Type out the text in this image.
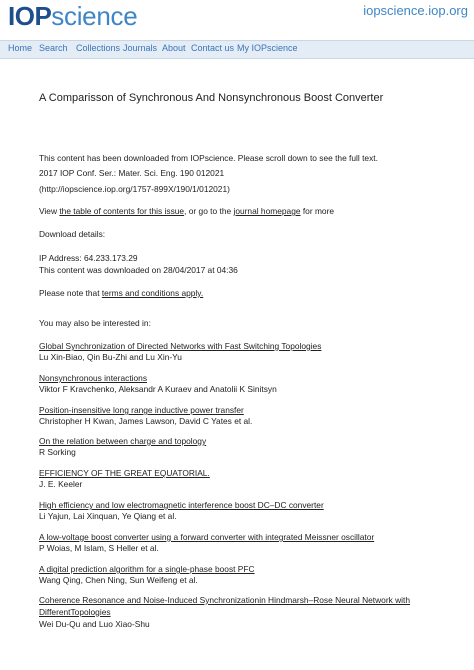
IOP science	iopscience.iop.org
Home Search Collections Journals About Contact us My IOPscience
A Comparisson of Synchronous And Nonsynchronous Boost Converter
This content has been downloaded from IOPscience. Please scroll down to see the full text.
2017 IOP Conf. Ser.: Mater. Sci. Eng. 190 012021
(http://iopscience.iop.org/1757-899X/190/1/012021)
View the table of contents for this issue, or go to the journal homepage for more
Download details:
IP Address: 64.233.173.29
This content was downloaded on 28/04/2017 at 04:36
Please note that terms and conditions apply.
You may also be interested in:
Global Synchronization of Directed Networks with Fast Switching Topologies
Lu Xin-Biao, Qin Bu-Zhi and Lu Xin-Yu
Nonsynchronous interactions
Viktor F Kravchenko, Aleksandr A Kuraev and Anatolii K Sinitsyn
Position-insensitive long range inductive power transfer
Christopher H Kwan, James Lawson, David C Yates et al.
On the relation between charge and topology
R Sorking
EFFICIENCY OF THE GREAT EQUATORIAL.
J. E. Keeler
High efficiency and low electromagnetic interference boost DC–DC converter
Li Yajun, Lai Xinquan, Ye Qiang et al.
A low-voltage boost converter using a forward converter with integrated Meissner oscillator
P Woias, M Islam, S Heller et al.
A digital prediction algorithm for a single-phase boost PFC
Wang Qing, Chen Ning, Sun Weifeng et al.
Coherence Resonance and Noise-Induced Synchronizationin Hindmarsh–Rose Neural Network with DifferentTopologies
Wei Du-Qu and Luo Xiao-Shu
